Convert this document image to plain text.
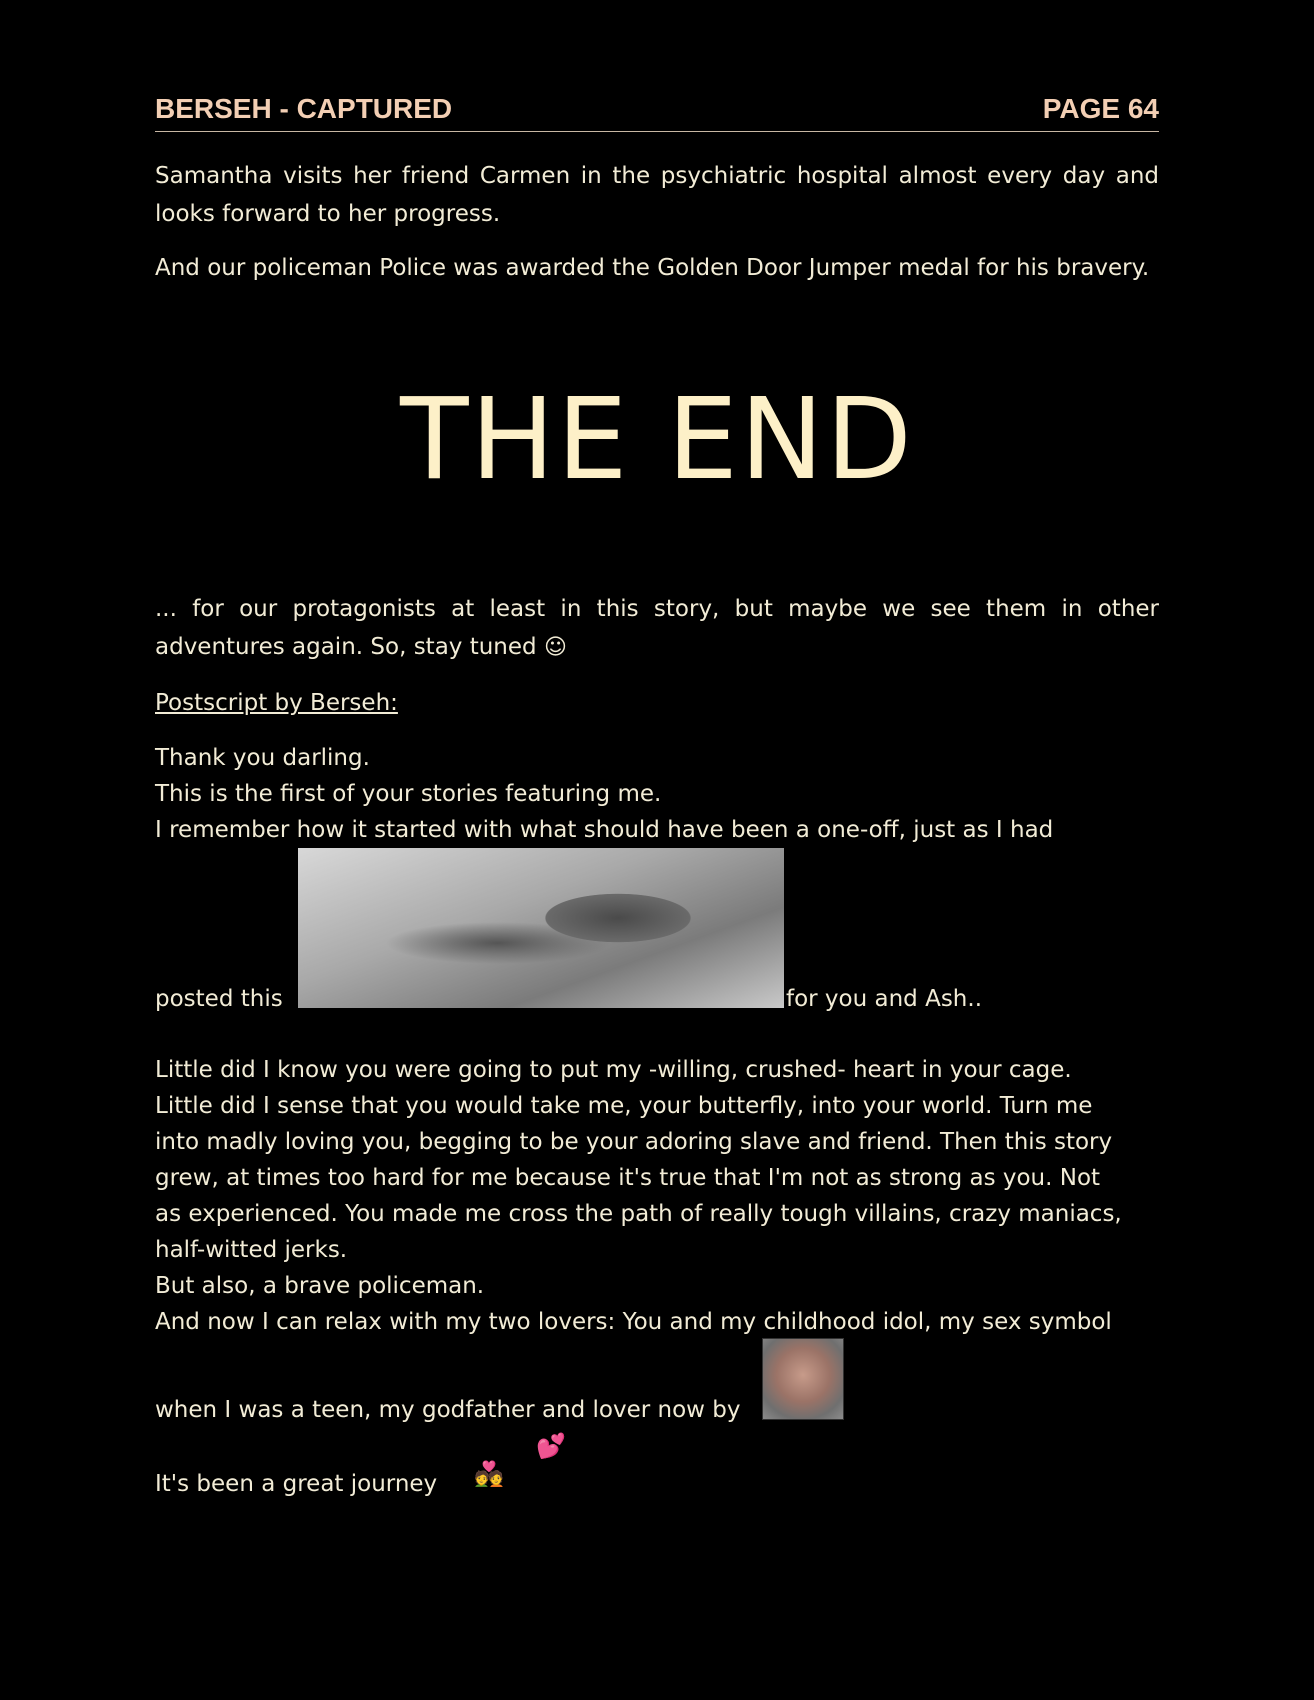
BERSEH - CAPTURED	PAGE 64

Samantha visits her friend Carmen in the psychiatric hospital almost every day and looks forward to her progress.

And our policeman Police was awarded the Golden Door Jumper medal for his bravery.

THE END

... for our protagonists at least in this story, but maybe we see them in other adventures again. So, stay tuned ☺

Postscript by Berseh:
Thank you darling.
This is the first of your stories featuring me.
I remember how it started with what should have been a one-off, just as I had
posted this	for you and Ash..
Little did I know you were going to put my -willing, crushed- heart in your cage.
Little did I sense that you would take me, your butterfly, into your world. Turn me
into madly loving you, begging to be your adoring slave and friend. Then this story
grew, at times too hard for me because it's true that I'm not as strong as you. Not
as experienced. You made me cross the path of really tough villains, crazy maniacs,
half-witted jerks.
But also, a brave policeman.
And now I can relax with my two lovers: You and my childhood idol, my sex symbol
when I was a teen, my godfather and lover now by
It's been a great journey 💑
💕
